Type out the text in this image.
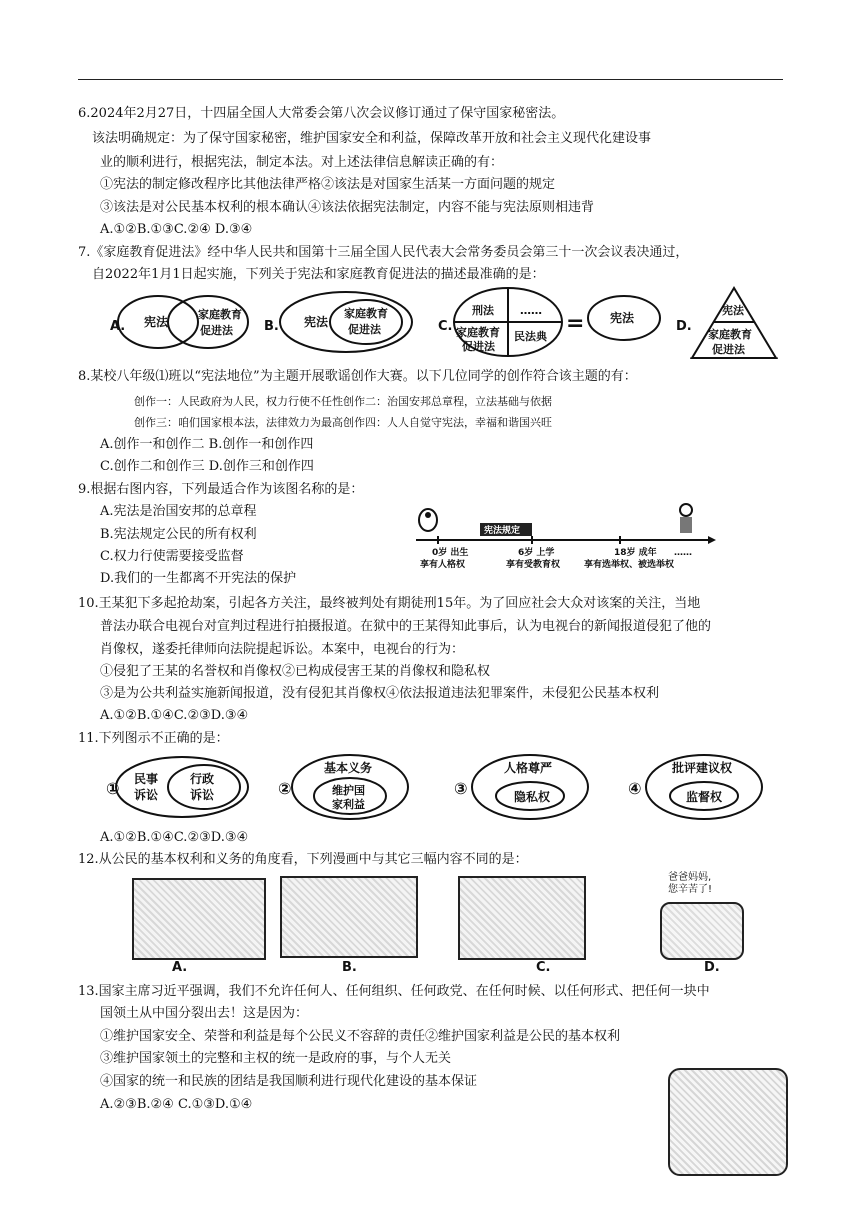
6.2024年2月27日，十四届全国人大常委会第八次会议修订通过了保守国家秘密法。
该法明确规定：为了保守国家秘密，维护国家安全和利益，保障改革开放和社会主义现代化建设事
业的顺利进行，根据宪法，制定本法。对上述法律信息解读正确的有：
①宪法的制定修改程序比其他法律严格②该法是对国家生活某一方面问题的规定
③该法是对公民基本权利的根本确认④该法依据宪法制定，内容不能与宪法原则相违背
A.①②B.①③C.②④ D.③④
7.《家庭教育促进法》经中华人民共和国第十三届全国人民代表大会常务委员会第三十一次会议表决通过，
自2022年1月1日起实施，下列关于宪法和家庭教育促进法的描述最准确的是：
A. 宪法
家庭教育
促进法 B. 宪法
家庭教育
促进法	C.
刑法 ……
家庭教育
促进法
民法典
= 宪法
D.
宪法
家庭教育
促进法
8.某校八年级⑴班以“宪法地位”为主题开展歌谣创作大赛。以下几位同学的创作符合该主题的有：
创作一：人民政府为人民，权力行使不任性创作二：治国安邦总章程，立法基础与依据
创作三：咱们国家根本法，法律效力为最高创作四：人人自觉守宪法，幸福和谐国兴旺
A.创作一和创作二 B.创作一和创作四
C.创作二和创作三 D.创作三和创作四
9.根据右图内容，下列最适合作为该图名称的是：
A.宪法是治国安邦的总章程
B.宪法规定公民的所有权利
C.权力行使需要接受监督
D.我们的一生都离不开宪法的保护
宪法规定
0岁 出生
享有人格权
6岁 上学
享有受教育权
18岁 成年
享有选举权、被选举权
……
10.王某犯下多起抢劫案，引起各方关注，最终被判处有期徒刑15年。为了回应社会大众对该案的关注，当地
普法办联合电视台对宣判过程进行拍摄报道。在狱中的王某得知此事后，认为电视台的新闻报道侵犯了他的
肖像权，遂委托律师向法院提起诉讼。本案中，电视台的行为：
①侵犯了王某的名誉权和肖像权②已构成侵害王某的肖像权和隐私权
③是为公共利益实施新闻报道，没有侵犯其肖像权④依法报道违法犯罪案件，未侵犯公民基本权利
A.①②B.①④C.②③D.③④
11.下列图示不正确的是：
① 民事
诉讼
行政
诉讼	②
基本义务
维护国
家利益
③
人格尊严
隐私权	④
批评建议权
监督权
A.①②B.①④C.②③D.③④
12.从公民的基本权利和义务的角度看，下列漫画中与其它三幅内容不同的是：
爸爸妈妈,
您辛苦了!
A.	B.	C.	D.
13.国家主席习近平强调，我们不允许任何人、任何组织、任何政党、在任何时候、以任何形式、把任何一块中
国领土从中国分裂出去！这是因为：
①维护国家安全、荣誉和利益是每个公民义不容辞的责任②维护国家利益是公民的基本权利
③维护国家领土的完整和主权的统一是政府的事，与个人无关
④国家的统一和民族的团结是我国顺利进行现代化建设的基本保证
A.②③B.②④ C.①③D.①④
